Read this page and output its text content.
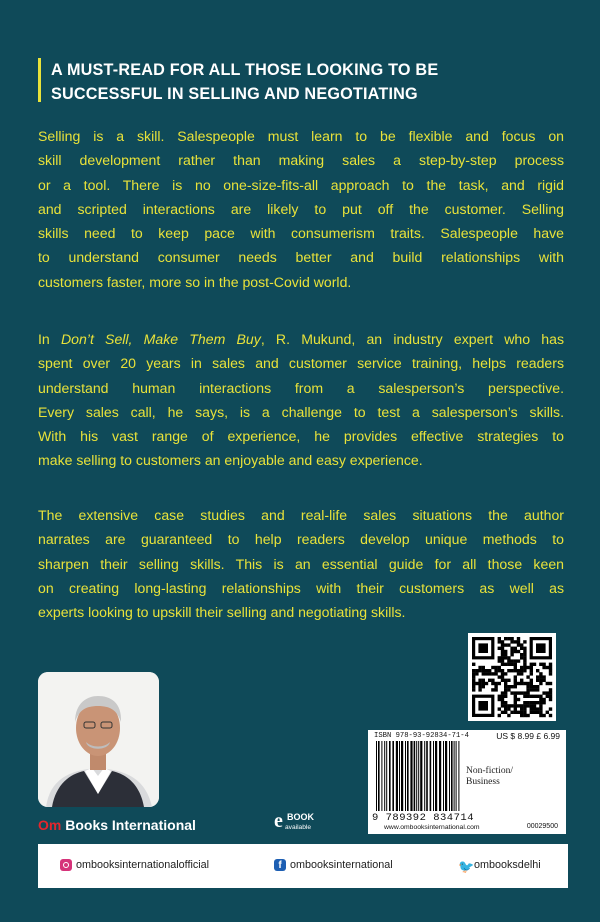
A MUST-READ FOR ALL THOSE LOOKING TO BE
SUCCESSFUL IN SELLING AND NEGOTIATING
Selling is a skill. Salespeople must learn to be flexible and focus on
skill development rather than making sales a step-by-step process
or a tool. There is no one-size-fits-all approach to the task, and rigid
and scripted interactions are likely to put off the customer. Selling
skills need to keep pace with consumerism traits. Salespeople have
to understand consumer needs better and build relationships with
customers faster, more so in the post-Covid world.
In Don’t Sell, Make Them Buy, R. Mukund, an industry expert who has
spent over 20 years in sales and customer service training, helps readers
understand human interactions from a salesperson’s perspective.
Every sales call, he says, is a challenge to test a salesperson’s skills.
With his vast range of experience, he provides effective strategies to
make selling to customers an enjoyable and easy experience.
The extensive case studies and real-life sales situations the author
narrates are guaranteed to help readers develop unique methods to
sharpen their selling skills. This is an essential guide for all those keen
on creating long-lasting relationships with their customers as well as
experts looking to upskill their selling and negotiating skills.
ISBN 978-93-92834-71-4	US $ 8.99 £ 6.99
9 789392 834714
www.ombooksinternational.com
Non-fiction/
Business
00029500
Om Books International	e BOOK
available
ombooksinternationalofficial	f ombooksinternational	🐦 ombooksdelhi
